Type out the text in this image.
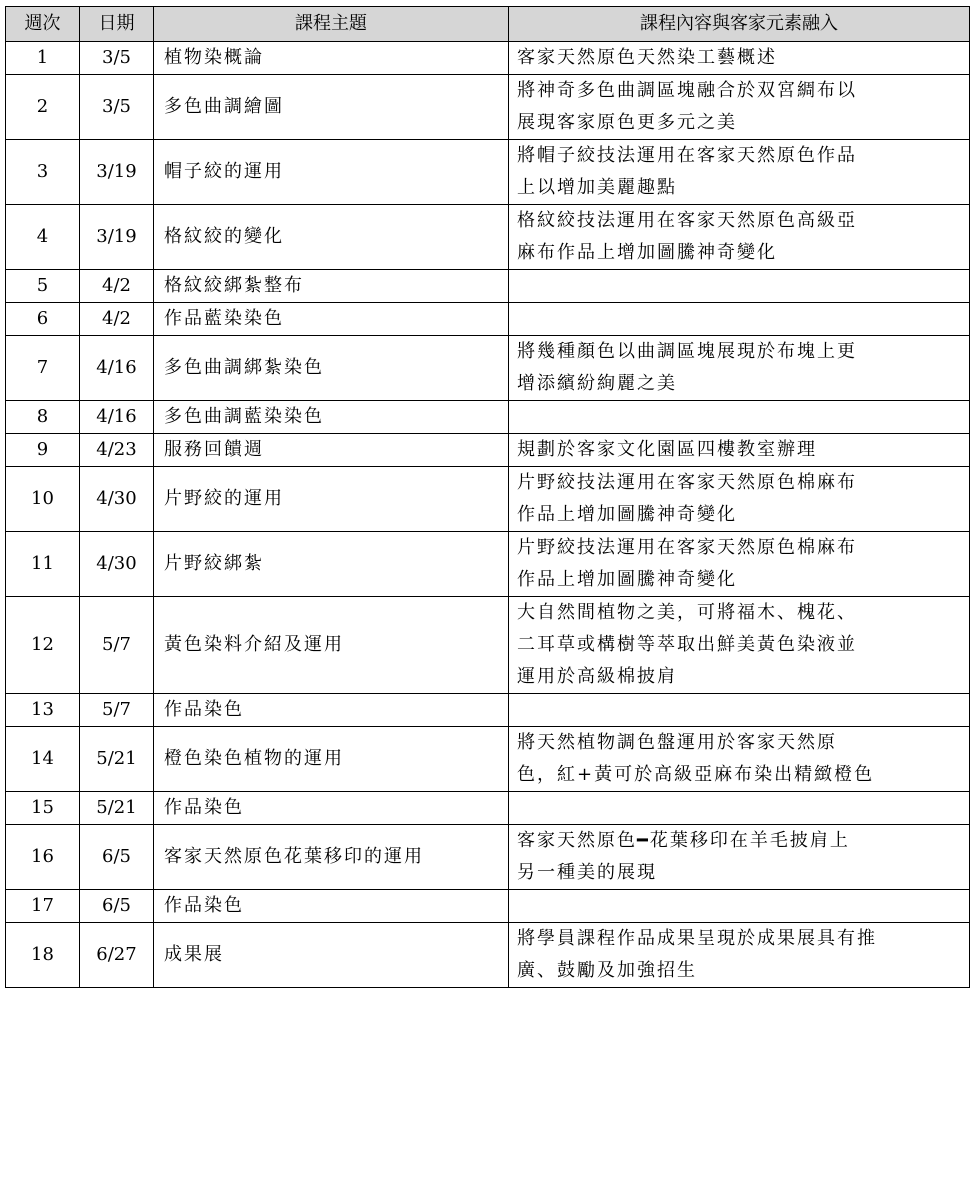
週次	日期	課程主題	課程內容與客家元素融入
1	3/5	植物染概論	客家天然原色天然染工藝概述
2	3/5	多色曲調繪圖	將神奇多色曲調區塊融合於双宮綢布以
展現客家原色更多元之美
3	3/19	帽子絞的運用	將帽子絞技法運用在客家天然原色作品
上以增加美麗趣點
4	3/19	格紋絞的變化	格紋絞技法運用在客家天然原色高級亞
麻布作品上增加圖騰神奇變化
5	4/2	格紋絞綁紮整布	
6	4/2	作品藍染染色	
7	4/16	多色曲調綁紮染色	將幾種顏色以曲調區塊展現於布塊上更
增添繽紛絢麗之美
8	4/16	多色曲調藍染染色	
9	4/23	服務回饋週	規劃於客家文化園區四樓教室辦理
10	4/30	片野絞的運用	片野絞技法運用在客家天然原色棉麻布
作品上增加圖騰神奇變化
11	4/30	片野絞綁紮	片野絞技法運用在客家天然原色棉麻布
作品上增加圖騰神奇變化
12	5/7	黃色染料介紹及運用	大自然間植物之美，可將福木、槐花、
二耳草或構樹等萃取出鮮美黃色染液並
運用於高級棉披肩
13	5/7	作品染色	
14	5/21	橙色染色植物的運用	將天然植物調色盤運用於客家天然原
色，紅+黃可於高級亞麻布染出精緻橙色
15	5/21	作品染色	
16	6/5	客家天然原色花葉移印的運用	客家天然原色━花葉移印在羊毛披肩上
另一種美的展現
17	6/5	作品染色	
18	6/27	成果展	將學員課程作品成果呈現於成果展具有推
廣、鼓勵及加強招生
